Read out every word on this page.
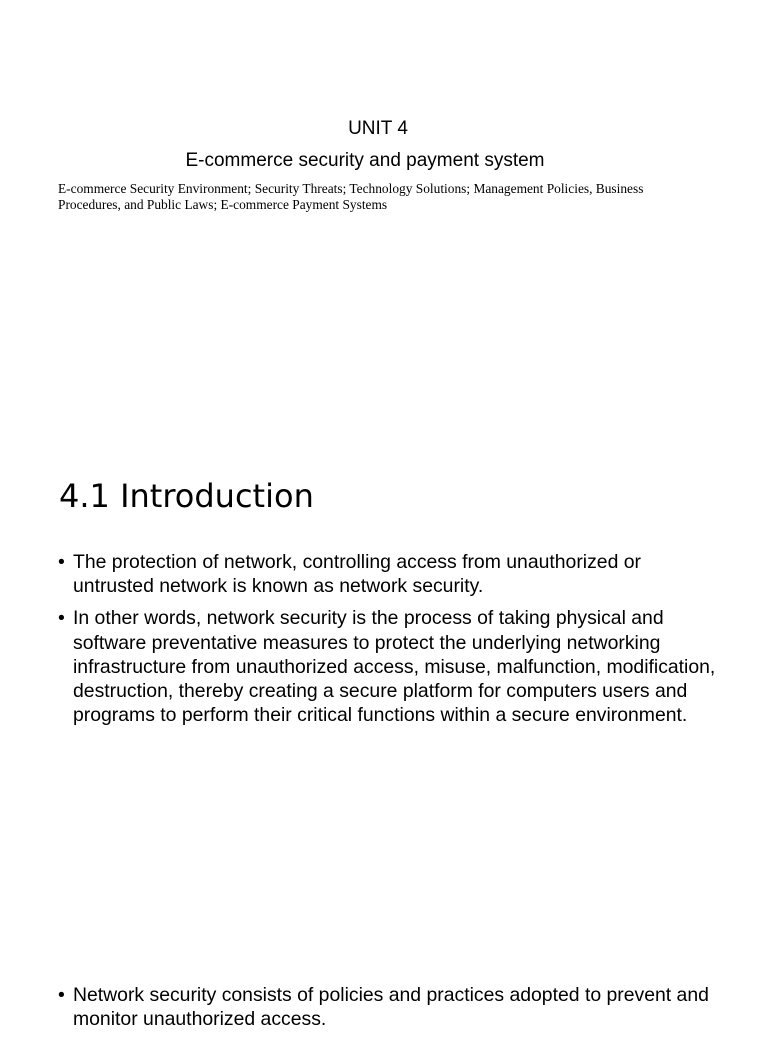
UNIT 4
E-commerce security and payment system
E-commerce Security Environment; Security Threats; Technology Solutions; Management Policies, Business Procedures, and Public Laws; E-commerce Payment Systems
4.1 Introduction
• The protection of network, controlling access from unauthorized or untrusted network is known as network security.
• In other words, network security is the process of taking physical and software preventative measures to protect the underlying networking infrastructure from unauthorized access, misuse, malfunction, modification, destruction, thereby creating a secure platform for computers users and programs to perform their critical functions within a secure environment.
• Network security consists of policies and practices adopted to prevent and monitor unauthorized access.
